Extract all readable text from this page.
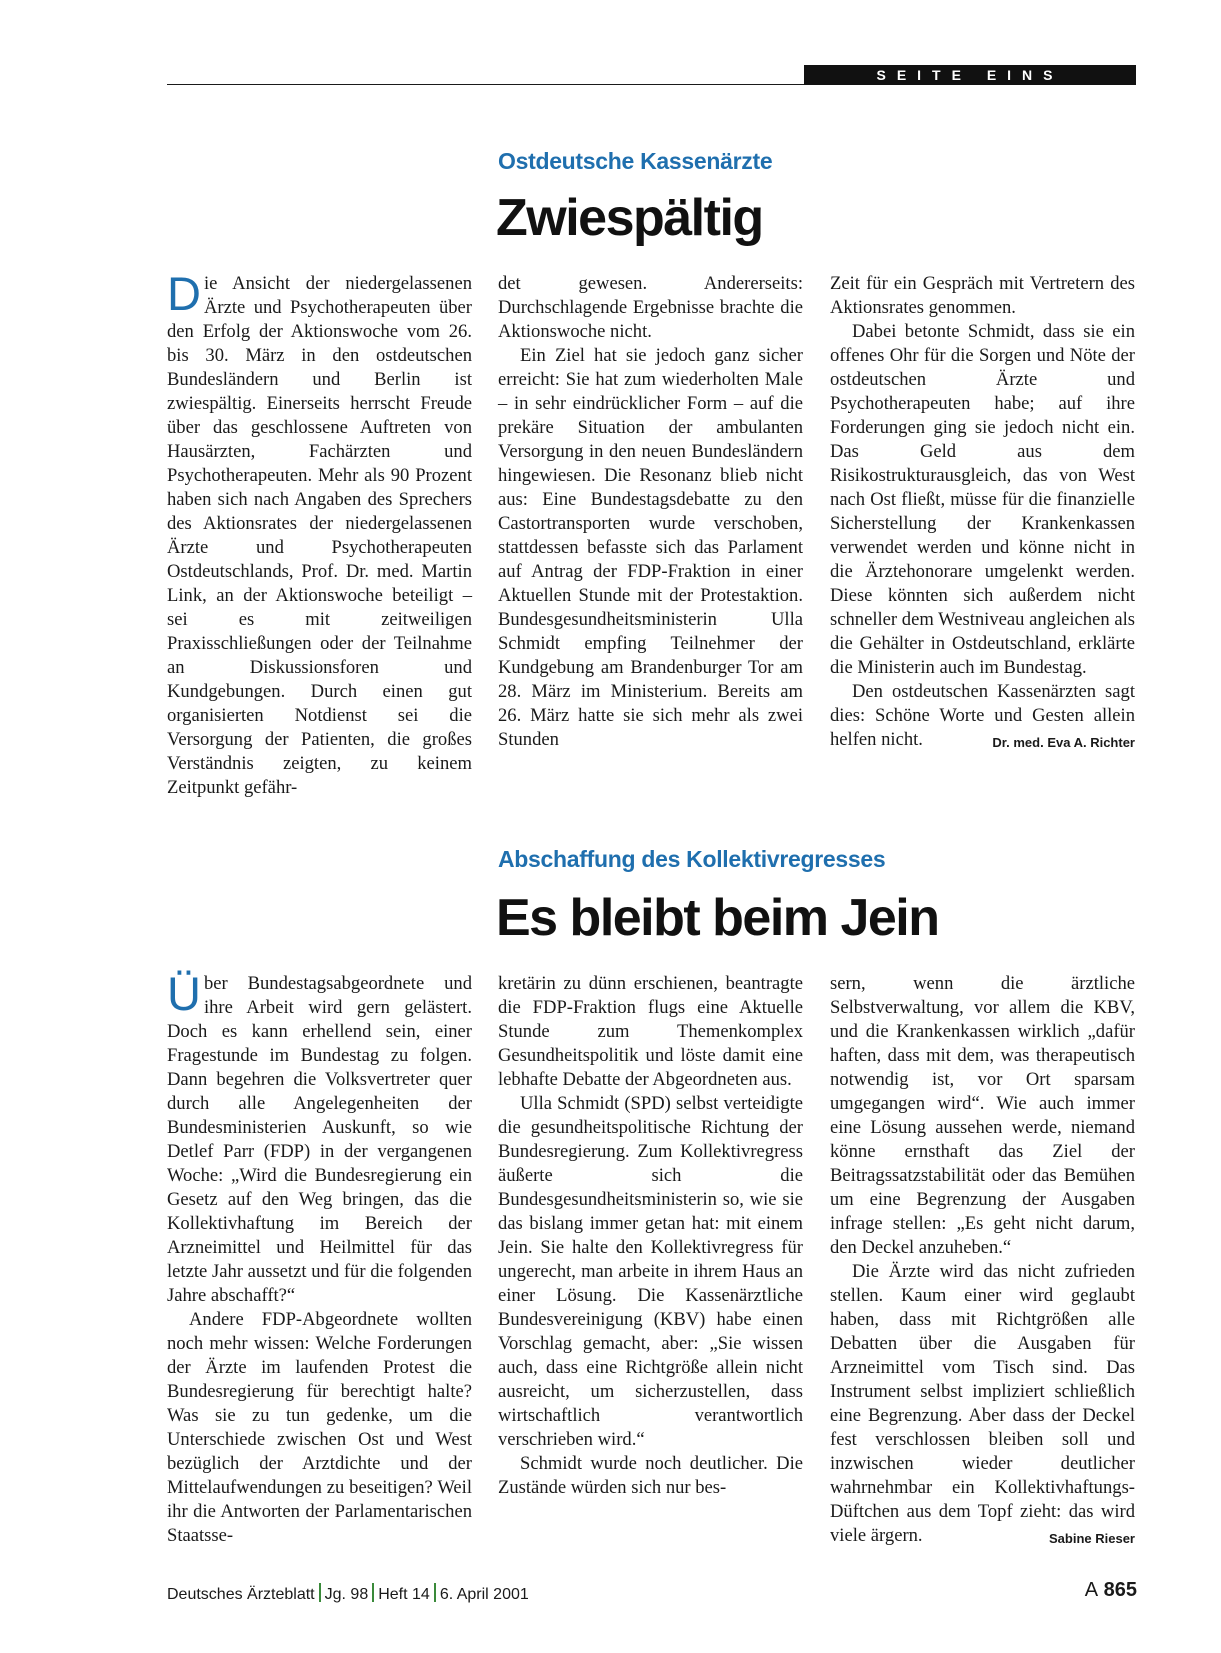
SEITE EINS
Ostdeutsche Kassenärzte
Zwiespältig

Die Ansicht der niedergelassenen Ärzte und Psychotherapeuten über den Erfolg der Aktionswoche vom 26. bis 30. März in den ostdeutschen Bundesländern und Berlin ist zwiespältig. Einerseits herrscht Freude über das geschlossene Auftreten von Hausärzten, Fachärzten und Psychotherapeuten. Mehr als 90 Prozent haben sich nach Angaben des Sprechers des Aktionsrates der niedergelassenen Ärzte und Psychotherapeuten Ostdeutschlands, Prof. Dr. med. Martin Link, an der Aktionswoche beteiligt – sei es mit zeitweiligen Praxisschließungen oder der Teilnahme an Diskussionsforen und Kundgebungen. Durch einen gut organisierten Notdienst sei die Versorgung der Patienten, die großes Verständnis zeigten, zu keinem Zeitpunkt gefähr-

det gewesen. Andererseits: Durchschlagende Ergebnisse brachte die Aktionswoche nicht.

Ein Ziel hat sie jedoch ganz sicher erreicht: Sie hat zum wiederholten Male – in sehr eindrücklicher Form – auf die prekäre Situation der ambulanten Versorgung in den neuen Bundesländern hingewiesen. Die Resonanz blieb nicht aus: Eine Bundestagsdebatte zu den Castortransporten wurde verschoben, stattdessen befasste sich das Parlament auf Antrag der FDP-Fraktion in einer Aktuellen Stunde mit der Protestaktion. Bundesgesundheitsministerin Ulla Schmidt empfing Teilnehmer der Kundgebung am Brandenburger Tor am 28. März im Ministerium. Bereits am 26. März hatte sie sich mehr als zwei Stunden

Zeit für ein Gespräch mit Vertretern des Aktionsrates genommen.

Dabei betonte Schmidt, dass sie ein offenes Ohr für die Sorgen und Nöte der ostdeutschen Ärzte und Psychotherapeuten habe; auf ihre Forderungen ging sie jedoch nicht ein. Das Geld aus dem Risikostrukturausgleich, das von West nach Ost fließt, müsse für die finanzielle Sicherstellung der Krankenkassen verwendet werden und könne nicht in die Ärztehonorare umgelenkt werden. Diese könnten sich außerdem nicht schneller dem Westniveau angleichen als die Gehälter in Ostdeutschland, erklärte die Ministerin auch im Bundestag.

Den ostdeutschen Kassenärzten sagt dies: Schöne Worte und Gesten allein helfen nicht.	Dr. med. Eva A. Richter

Abschaffung des Kollektivregresses
Es bleibt beim Jein

Über Bundestagsabgeordnete und ihre Arbeit wird gern gelästert. Doch es kann erhellend sein, einer Fragestunde im Bundestag zu folgen. Dann begehren die Volksvertreter quer durch alle Angelegenheiten der Bundesministerien Auskunft, so wie Detlef Parr (FDP) in der vergangenen Woche: „Wird die Bundesregierung ein Gesetz auf den Weg bringen, das die Kollektivhaftung im Bereich der Arzneimittel und Heilmittel für das letzte Jahr aussetzt und für die folgenden Jahre abschafft?“

Andere FDP-Abgeordnete wollten noch mehr wissen: Welche Forderungen der Ärzte im laufenden Protest die Bundesregierung für berechtigt halte? Was sie zu tun gedenke, um die Unterschiede zwischen Ost und West bezüglich der Arztdichte und der Mittelaufwendungen zu beseitigen? Weil ihr die Antworten der Parlamentarischen Staatsse-

kretärin zu dünn erschienen, beantragte die FDP-Fraktion flugs eine Aktuelle Stunde zum Themenkomplex Gesundheitspolitik und löste damit eine lebhafte Debatte der Abgeordneten aus.

Ulla Schmidt (SPD) selbst verteidigte die gesundheitspolitische Richtung der Bundesregierung. Zum Kollektivregress äußerte sich die Bundesgesundheitsministerin so, wie sie das bislang immer getan hat: mit einem Jein. Sie halte den Kollektivregress für ungerecht, man arbeite in ihrem Haus an einer Lösung. Die Kassenärztliche Bundesvereinigung (KBV) habe einen Vorschlag gemacht, aber: „Sie wissen auch, dass eine Richtgröße allein nicht ausreicht, um sicherzustellen, dass wirtschaftlich verantwortlich verschrieben wird.“

Schmidt wurde noch deutlicher. Die Zustände würden sich nur bes-

sern, wenn die ärztliche Selbstverwaltung, vor allem die KBV, und die Krankenkassen wirklich „dafür haften, dass mit dem, was therapeutisch notwendig ist, vor Ort sparsam umgegangen wird“. Wie auch immer eine Lösung aussehen werde, niemand könne ernsthaft das Ziel der Beitragssatzstabilität oder das Bemühen um eine Begrenzung der Ausgaben infrage stellen: „Es geht nicht darum, den Deckel anzuheben.“

Die Ärzte wird das nicht zufrieden stellen. Kaum einer wird geglaubt haben, dass mit Richtgrößen alle Debatten über die Ausgaben für Arzneimittel vom Tisch sind. Das Instrument selbst impliziert schließlich eine Begrenzung. Aber dass der Deckel fest verschlossen bleiben soll und inzwischen wieder deutlicher wahrnehmbar ein Kollektivhaftungs-Düftchen aus dem Topf zieht: das wird viele ärgern.	Sabine Rieser

Deutsches Ärzteblatt Jg. 98 Heft 14 6. April 2001	A 865
